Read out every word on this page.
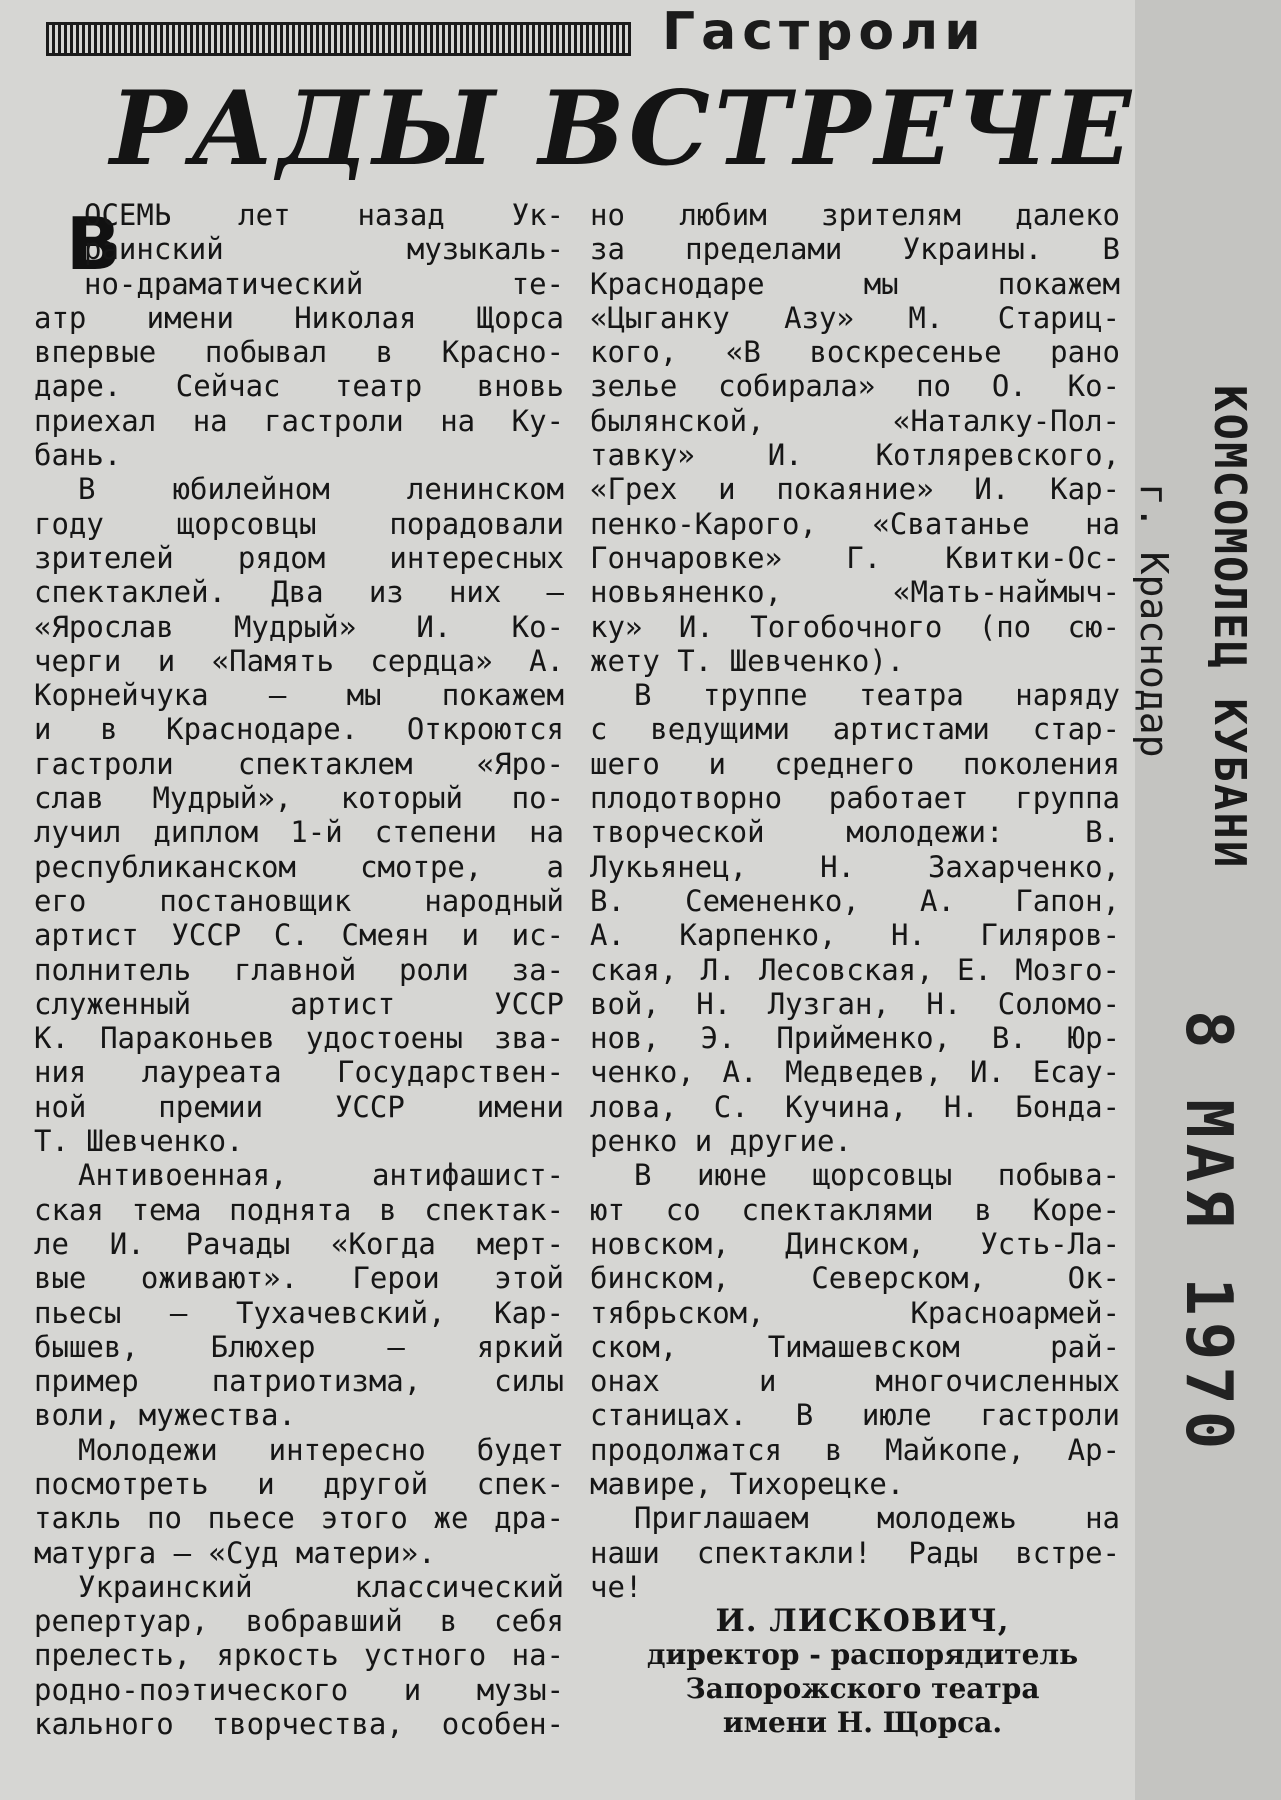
Гастроли
РАДЫ ВСТРЕЧЕ
В
ОСЕМЬ лет назад Ук-
раинский музыкаль-
но-драматический те-
атр имени Николая Щорса
впервые побывал в Красно-
даре. Сейчас театр вновь
приехал на гастроли на Ку-
бань.
В юбилейном ленинском
году щорсовцы порадовали
зрителей рядом интересных
спектаклей. Два из них —
«Ярослав Мудрый» И. Ко-
черги и «Память сердца» А.
Корнейчука — мы покажем
и в Краснодаре. Откроются
гастроли спектаклем «Яро-
слав Мудрый», который по-
лучил диплом 1-й степени на
республиканском смотре, а
его постановщик народный
артист УССР С. Смеян и ис-
полнитель главной роли за-
служенный артист УССР
К. Параконьев удостоены зва-
ния лауреата Государствен-
ной премии УССР имени
Т. Шевченко.
Антивоенная, антифашист-
ская тема поднята в спектак-
ле И. Рачады «Когда мерт-
вые оживают». Герои этой
пьесы — Тухачевский, Кар-
бышев, Блюхер — яркий
пример патриотизма, силы
воли, мужества.
Молодежи интересно будет
посмотреть и другой спек-
такль по пьесе этого же дра-
матурга — «Суд матери».
Украинский классический
репертуар, вобравший в себя
прелесть, яркость устного на-
родно-поэтического и музы-
кального творчества, особен-
но любим зрителям далеко
за пределами Украины. В
Краснодаре мы покажем
«Цыганку Азу» М. Стариц-
кого, «В воскресенье рано
зелье собирала» по О. Ко-
былянской, «Наталку-Пол-
тавку» И. Котляревского,
«Грех и покаяние» И. Кар-
пенко-Карого, «Сватанье на
Гончаровке» Г. Квитки-Ос-
новьяненко, «Мать-наймыч-
ку» И. Тогобочного (по сю-
жету Т. Шевченко).
В труппе театра наряду
с ведущими артистами стар-
шего и среднего поколения
плодотворно работает группа
творческой молодежи: В.
Лукьянец, Н. Захарченко,
В. Семененко, А. Гапон,
А. Карпенко, Н. Гиляров-
ская, Л. Лесовская, Е. Мозго-
вой, Н. Лузган, Н. Соломо-
нов, Э. Прийменко, В. Юр-
ченко, А. Медведев, И. Есау-
лова, С. Кучина, Н. Бонда-
ренко и другие.
В июне щорсовцы побыва-
ют со спектаклями в Коре-
новском, Динском, Усть-Ла-
бинском, Северском, Ок-
тябрьском, Красноармей-
ском, Тимашевском рай-
онах и многочисленных
станицах. В июле гастроли
продолжатся в Майкопе, Ар-
мавире, Тихорецке.
Приглашаем молодежь на
наши спектакли! Рады встре-
че!
И. ЛИСКОВИЧ,
директор - распорядитель
Запорожского театра
имени Н. Щорса.
КОМСОМОЛЕЦ КУБАНИ
г. Краснодар
8 МАЯ 1970
